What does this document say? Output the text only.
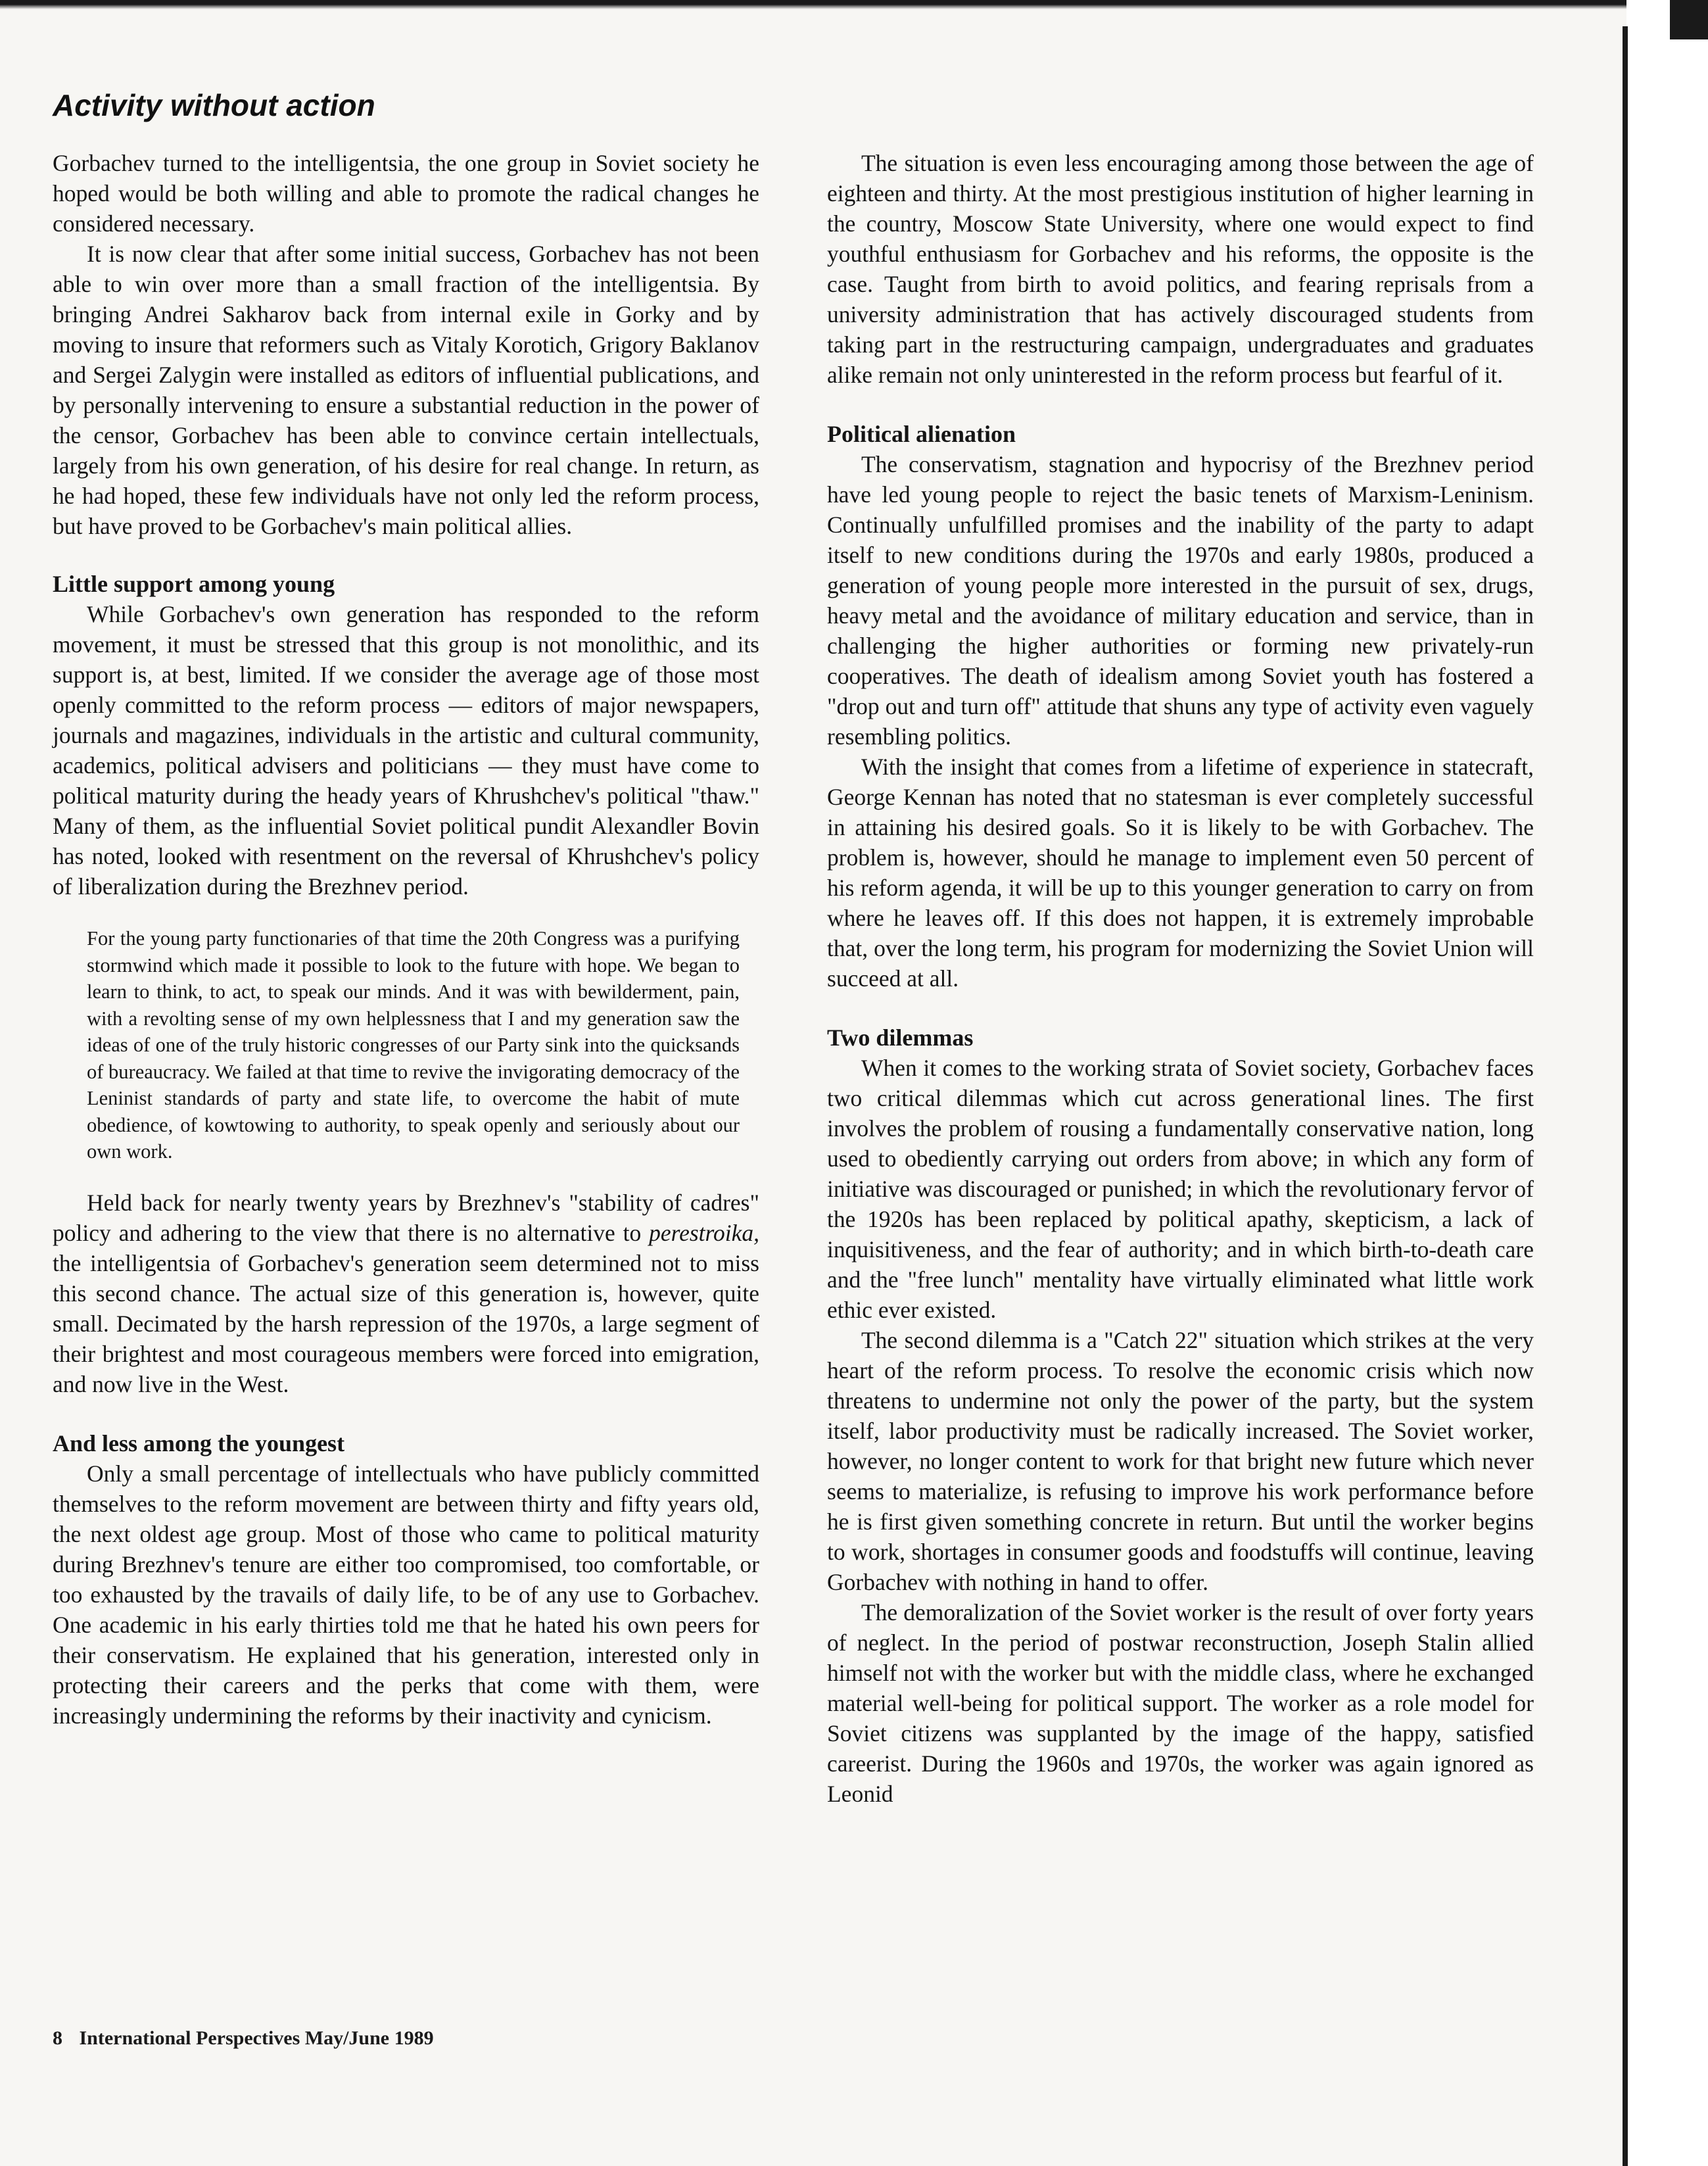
Activity without action

Gorbachev turned to the intelligentsia, the one group in Soviet society he hoped would be both willing and able to promote the radical changes he considered necessary.

It is now clear that after some initial success, Gorbachev has not been able to win over more than a small fraction of the intelligentsia. By bringing Andrei Sakharov back from internal exile in Gorky and by moving to insure that reformers such as Vitaly Korotich, Grigory Baklanov and Sergei Zalygin were installed as editors of influential publications, and by personally intervening to ensure a substantial reduction in the power of the censor, Gorbachev has been able to convince certain intellectuals, largely from his own generation, of his desire for real change. In return, as he had hoped, these few individuals have not only led the reform process, but have proved to be Gorbachev's main political allies.

Little support among young

While Gorbachev's own generation has responded to the reform movement, it must be stressed that this group is not monolithic, and its support is, at best, limited. If we consider the average age of those most openly committed to the reform process — editors of major newspapers, journals and magazines, individuals in the artistic and cultural community, academics, political advisers and politicians — they must have come to political maturity during the heady years of Khrushchev's political "thaw." Many of them, as the influential Soviet political pundit Alexandler Bovin has noted, looked with resentment on the reversal of Khrushchev's policy of liberalization during the Brezhnev period.

For the young party functionaries of that time the 20th Congress was a purifying stormwind which made it possible to look to the future with hope. We began to learn to think, to act, to speak our minds. And it was with bewilderment, pain, with a revolting sense of my own helplessness that I and my generation saw the ideas of one of the truly historic congresses of our Party sink into the quicksands of bureaucracy. We failed at that time to revive the invigorating democracy of the Leninist standards of party and state life, to overcome the habit of mute obedience, of kowtowing to authority, to speak openly and seriously about our own work.

Held back for nearly twenty years by Brezhnev's "stability of cadres" policy and adhering to the view that there is no alternative to perestroika, the intelligentsia of Gorbachev's generation seem determined not to miss this second chance. The actual size of this generation is, however, quite small. Decimated by the harsh repression of the 1970s, a large segment of their brightest and most courageous members were forced into emigration, and now live in the West.

And less among the youngest

Only a small percentage of intellectuals who have publicly committed themselves to the reform movement are between thirty and fifty years old, the next oldest age group. Most of those who came to political maturity during Brezhnev's tenure are either too compromised, too comfortable, or too exhausted by the travails of daily life, to be of any use to Gorbachev. One academic in his early thirties told me that he hated his own peers for their conservatism. He explained that his generation, interested only in protecting their careers and the perks that come with them, were increasingly undermining the reforms by their inactivity and cynicism.

The situation is even less encouraging among those between the age of eighteen and thirty. At the most prestigious institution of higher learning in the country, Moscow State University, where one would expect to find youthful enthusiasm for Gorbachev and his reforms, the opposite is the case. Taught from birth to avoid politics, and fearing reprisals from a university administration that has actively discouraged students from taking part in the restructuring campaign, undergraduates and graduates alike remain not only uninterested in the reform process but fearful of it.

Political alienation

The conservatism, stagnation and hypocrisy of the Brezhnev period have led young people to reject the basic tenets of Marxism-Leninism. Continually unfulfilled promises and the inability of the party to adapt itself to new conditions during the 1970s and early 1980s, produced a generation of young people more interested in the pursuit of sex, drugs, heavy metal and the avoidance of military education and service, than in challenging the higher authorities or forming new privately-run cooperatives. The death of idealism among Soviet youth has fostered a "drop out and turn off" attitude that shuns any type of activity even vaguely resembling politics.

With the insight that comes from a lifetime of experience in statecraft, George Kennan has noted that no statesman is ever completely successful in attaining his desired goals. So it is likely to be with Gorbachev. The problem is, however, should he manage to implement even 50 percent of his reform agenda, it will be up to this younger generation to carry on from where he leaves off. If this does not happen, it is extremely improbable that, over the long term, his program for modernizing the Soviet Union will succeed at all.

Two dilemmas

When it comes to the working strata of Soviet society, Gorbachev faces two critical dilemmas which cut across generational lines. The first involves the problem of rousing a fundamentally conservative nation, long used to obediently carrying out orders from above; in which any form of initiative was discouraged or punished; in which the revolutionary fervor of the 1920s has been replaced by political apathy, skepticism, a lack of inquisitiveness, and the fear of authority; and in which birth-to-death care and the "free lunch" mentality have virtually eliminated what little work ethic ever existed.

The second dilemma is a "Catch 22" situation which strikes at the very heart of the reform process. To resolve the economic crisis which now threatens to undermine not only the power of the party, but the system itself, labor productivity must be radically increased. The Soviet worker, however, no longer content to work for that bright new future which never seems to materialize, is refusing to improve his work performance before he is first given something concrete in return. But until the worker begins to work, shortages in consumer goods and foodstuffs will continue, leaving Gorbachev with nothing in hand to offer.

The demoralization of the Soviet worker is the result of over forty years of neglect. In the period of postwar reconstruction, Joseph Stalin allied himself not with the worker but with the middle class, where he exchanged material well-being for political support. The worker as a role model for Soviet citizens was supplanted by the image of the happy, satisfied careerist. During the 1960s and 1970s, the worker was again ignored as Leonid

8 International Perspectives May/June 1989
